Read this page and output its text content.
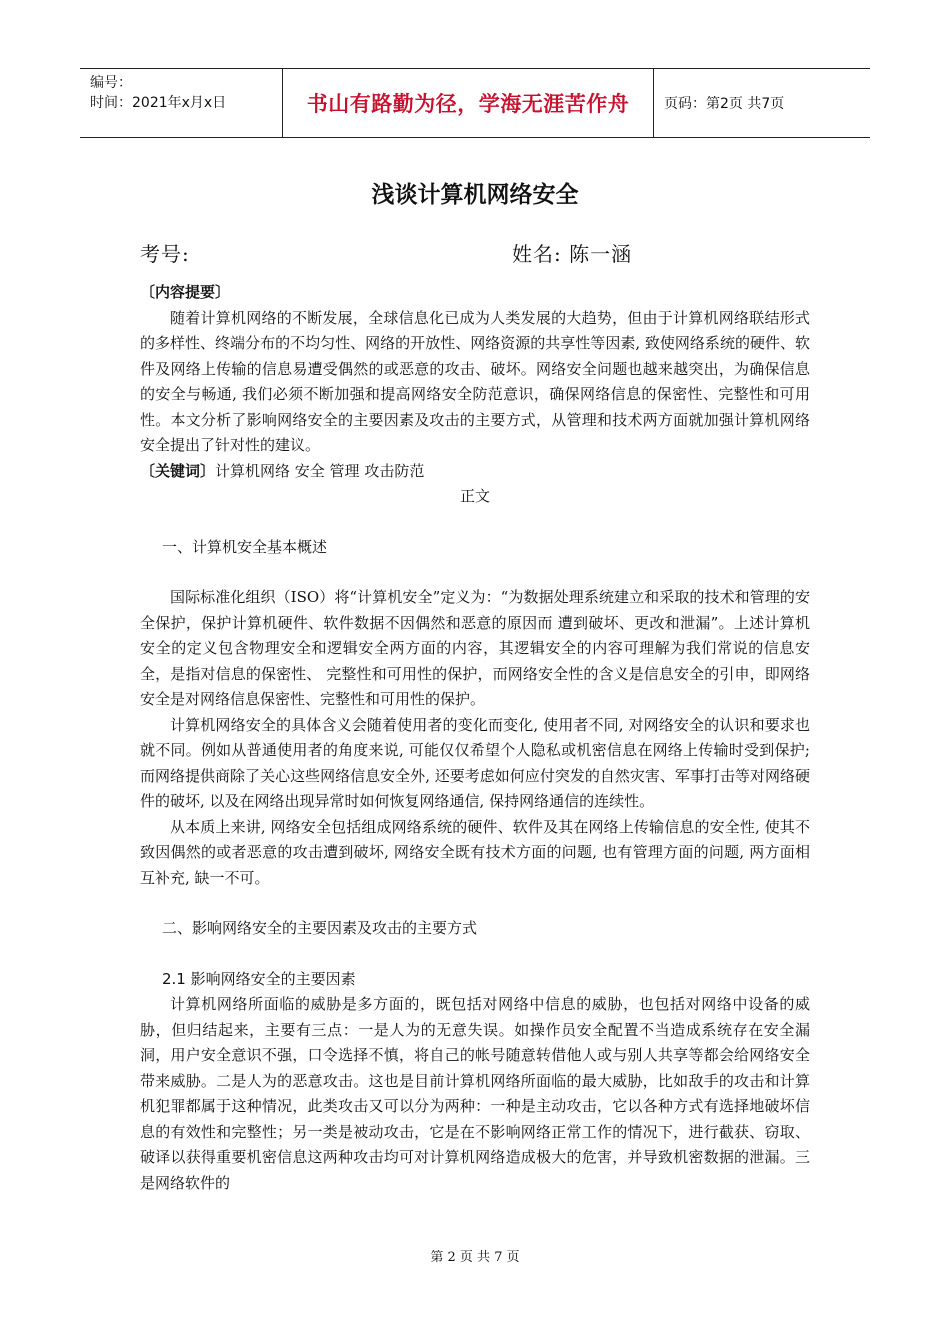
编号：
时间：2021年x月x日	书山有路勤为径，学海无涯苦作舟	页码：第2页 共7页
浅谈计算机网络安全
考号:	姓名: 陈一涵

〔内容提要〕

随着计算机网络的不断发展，全球信息化已成为人类发展的大趋势，但由于计算机网络联结形式的多样性、终端分布的不均匀性、网络的开放性、网络资源的共享性等因素, 致使网络系统的硬件、软件及网络上传输的信息易遭受偶然的或恶意的攻击、破坏。网络安全问题也越来越突出，为确保信息的安全与畅通, 我们必须不断加强和提高网络安全防范意识，确保网络信息的保密性、完整性和可用性。本文分析了影响网络安全的主要因素及攻击的主要方式，从管理和技术两方面就加强计算机网络安全提出了针对性的建议。

〔关键词〕计算机网络 安全 管理 攻击防范

正文

一、计算机安全基本概述

国际标准化组织（ISO）将“计算机安全”定义为：“为数据处理系统建立和采取的技术和管理的安全保护，保护计算机硬件、软件数据不因偶然和恶意的原因而 遭到破坏、更改和泄漏”。上述计算机安全的定义包含物理安全和逻辑安全两方面的内容，其逻辑安全的内容可理解为我们常说的信息安全，是指对信息的保密性、 完整性和可用性的保护，而网络安全性的含义是信息安全的引申，即网络安全是对网络信息保密性、完整性和可用性的保护。

计算机网络安全的具体含义会随着使用者的变化而变化, 使用者不同, 对网络安全的认识和要求也就不同。例如从普通使用者的角度来说, 可能仅仅希望个人隐私或机密信息在网络上传输时受到保护; 而网络提供商除了关心这些网络信息安全外, 还要考虑如何应付突发的自然灾害、军事打击等对网络硬件的破坏, 以及在网络出现异常时如何恢复网络通信, 保持网络通信的连续性。

从本质上来讲, 网络安全包括组成网络系统的硬件、软件及其在网络上传输信息的安全性, 使其不致因偶然的或者恶意的攻击遭到破坏, 网络安全既有技术方面的问题, 也有管理方面的问题, 两方面相互补充, 缺一不可。

二、影响网络安全的主要因素及攻击的主要方式

2.1 影响网络安全的主要因素

计算机网络所面临的威胁是多方面的，既包括对网络中信息的威胁，也包括对网络中设备的威胁，但归结起来，主要有三点：一是人为的无意失误。如操作员安全配置不当造成系统存在安全漏洞，用户安全意识不强，口令选择不慎，将自己的帐号随意转借他人或与别人共享等都会给网络安全带来威胁。二是人为的恶意攻击。这也是目前计算机网络所面临的最大威胁，比如敌手的攻击和计算机犯罪都属于这种情况，此类攻击又可以分为两种：一种是主动攻击，它以各种方式有选择地破坏信息的有效性和完整性；另一类是被动攻击，它是在不影响网络正常工作的情况下，进行截获、窃取、破译以获得重要机密信息这两种攻击均可对计算机网络造成极大的危害，并导致机密数据的泄漏。三是网络软件的

第 2 页 共 7 页
